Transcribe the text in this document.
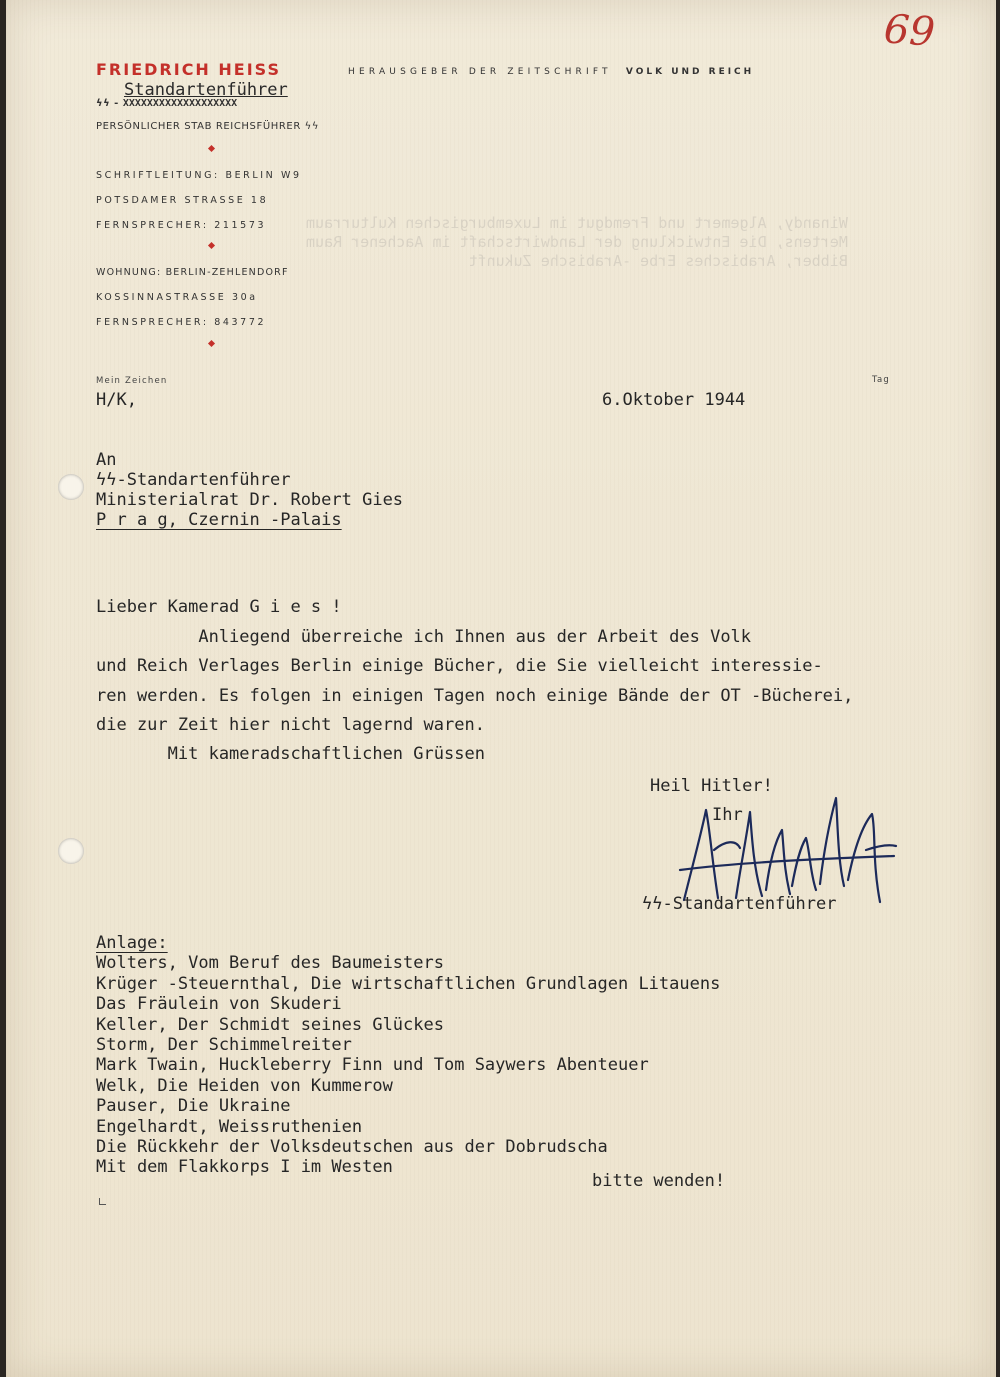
69
FRIEDRICH HEISS	HERAUSGEBER DER ZEITSCHRIFT VOLK UND REICH
Standartenführer
ϟϟ - XXXXXXXXXXXXXXXXXXX
PERSÖNLICHER STAB REICHSFÜHRER ϟϟ
SCHRIFTLEITUNG: BERLIN W9
POTSDAMER STRASSE 18
FERNSPRECHER: 211573
WOHNUNG: BERLIN-ZEHLENDORF
KOSSINNASTRASSE 30a
FERNSPRECHER: 843772
Winandy, Algemert und Fremdgut im Luxemburgischen Kulturraum
Mertens, Die Entwicklung der Landwirtschaft im Aachener Raum
Bibber, Arabisches Erbe -Arabische Zukunft
Mein Zeichen	Tag
H/K,	6.Oktober 1944
An
ϟϟ-Standartenführer
Ministerialrat Dr. Robert Gies
P r a g, Czernin -Palais
Lieber Kamerad G i e s !
Anliegend überreiche ich Ihnen aus der Arbeit des Volk
und Reich Verlages Berlin einige Bücher, die Sie vielleicht interessie-
ren werden. Es folgen in einigen Tagen noch einige Bände der OT -Bücherei,
die zur Zeit hier nicht lagernd waren.
Mit kameradschaftlichen Grüssen
Heil Hitler!
Ihr
ϟϟ-Standartenführer
Anlage:
Wolters, Vom Beruf des Baumeisters
Krüger -Steuernthal, Die wirtschaftlichen Grundlagen Litauens
Das Fräulein von Skuderi
Keller, Der Schmidt seines Glückes
Storm, Der Schimmelreiter
Mark Twain, Huckleberry Finn und Tom Saywers Abenteuer
Welk, Die Heiden von Kummerow
Pauser, Die Ukraine
Engelhardt, Weissruthenien
Die Rückkehr der Volksdeutschen aus der Dobrudscha
Mit dem Flakkorps I im Westen
bitte wenden!
